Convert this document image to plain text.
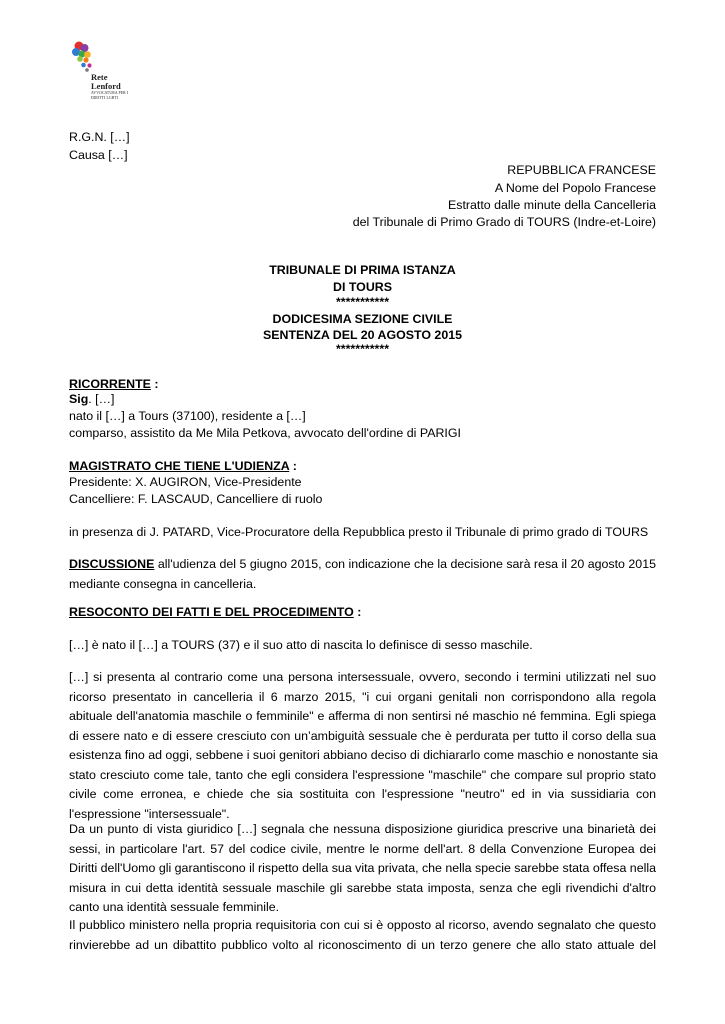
Rete
Lenford
AVVOCATURA PER I DIRITTI LGBTI
R.G.N. […]
Causa […]
REPUBBLICA FRANCESE
A Nome del Popolo Francese
Estratto dalle minute della Cancelleria
del Tribunale di Primo Grado di TOURS (Indre-et-Loire)
TRIBUNALE DI PRIMA ISTANZA
DI TOURS
***********
DODICESIMA SEZIONE CIVILE
SENTENZA DEL 20 AGOSTO 2015
***********
RICORRENTE :
Sig. […]
nato il […] a Tours (37100), residente a […]
comparso, assistito da Me Mila Petkova, avvocato dell'ordine di PARIGI
MAGISTRATO CHE TIENE L'UDIENZA :
Presidente: X. AUGIRON, Vice-Presidente
Cancelliere: F. LASCAUD, Cancelliere di ruolo
in presenza di J. PATARD, Vice-Procuratore della Repubblica presto il Tribunale di primo grado di TOURS
DISCUSSIONE all'udienza del 5 giugno 2015, con indicazione che la decisione sarà resa il 20 agosto 2015
mediante consegna in cancelleria.
RESOCONTO DEI FATTI E DEL PROCEDIMENTO :
[…] è nato il […] a TOURS (37) e il suo atto di nascita lo definisce di sesso maschile.
[…] si presenta al contrario come una persona intersessuale, ovvero, secondo i termini utilizzati nel suo
ricorso presentato in cancelleria il 6 marzo 2015, "i cui organi genitali non corrispondono alla regola
abituale dell'anatomia maschile o femminile" e afferma di non sentirsi né maschio né femmina. Egli spiega
di essere nato e di essere cresciuto con un’ambiguità sessuale che è perdurata per tutto il corso della sua
esistenza fino ad oggi, sebbene i suoi genitori abbiano deciso di dichiararlo come maschio e nonostante sia
stato cresciuto come tale, tanto che egli considera l'espressione "maschile" che compare sul proprio stato
civile come erronea, e chiede che sia sostituita con l'espressione "neutro" ed in via sussidiaria con
l'espressione "intersessuale".
Da un punto di vista giuridico […] segnala che nessuna disposizione giuridica prescrive una binarietà dei
sessi, in particolare l'art. 57 del codice civile, mentre le norme dell'art. 8 della Convenzione Europea dei
Diritti dell'Uomo gli garantiscono il rispetto della sua vita privata, che nella specie sarebbe stata offesa nella
misura in cui detta identità sessuale maschile gli sarebbe stata imposta, senza che egli rivendichi d'altro
canto una identità sessuale femminile.
Il pubblico ministero nella propria requisitoria con cui si è opposto al ricorso, avendo segnalato che questo
rinvierebbe ad un dibattito pubblico volto al riconoscimento di un terzo genere che allo stato attuale del
